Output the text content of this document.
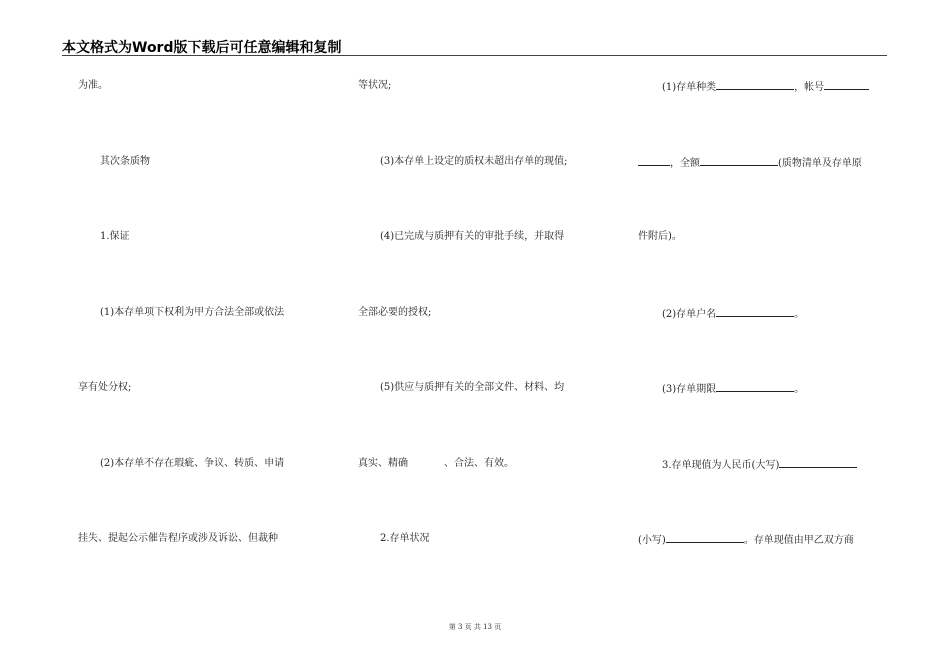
本文格式为Word版下载后可任意编辑和复制
为准。
其次条质物
1.保证
(1)本存单项下权利为甲方合法全部或依法
享有处分权;
(2)本存单不存在瑕疵、争议、转质、申请
挂失、提起公示催告程序或涉及诉讼、但裁种
等状况;
(3)本存单上设定的质权未超出存单的现值;
(4)已完成与质押有关的审批手续，并取得
全部必要的授权;
(5)供应与质押有关的全部文件、材料、均
真实、精确	、合法、有效。
2.存单状况
(1)存单种类	，帐号
，全额	(质物清单及存单原
件附后)。
(2)存单户名	。
(3)存单期限	。
3.存单现值为人民币(大写)
(小写)	。存单现值由甲乙双方商
第 3 页 共 13 页
